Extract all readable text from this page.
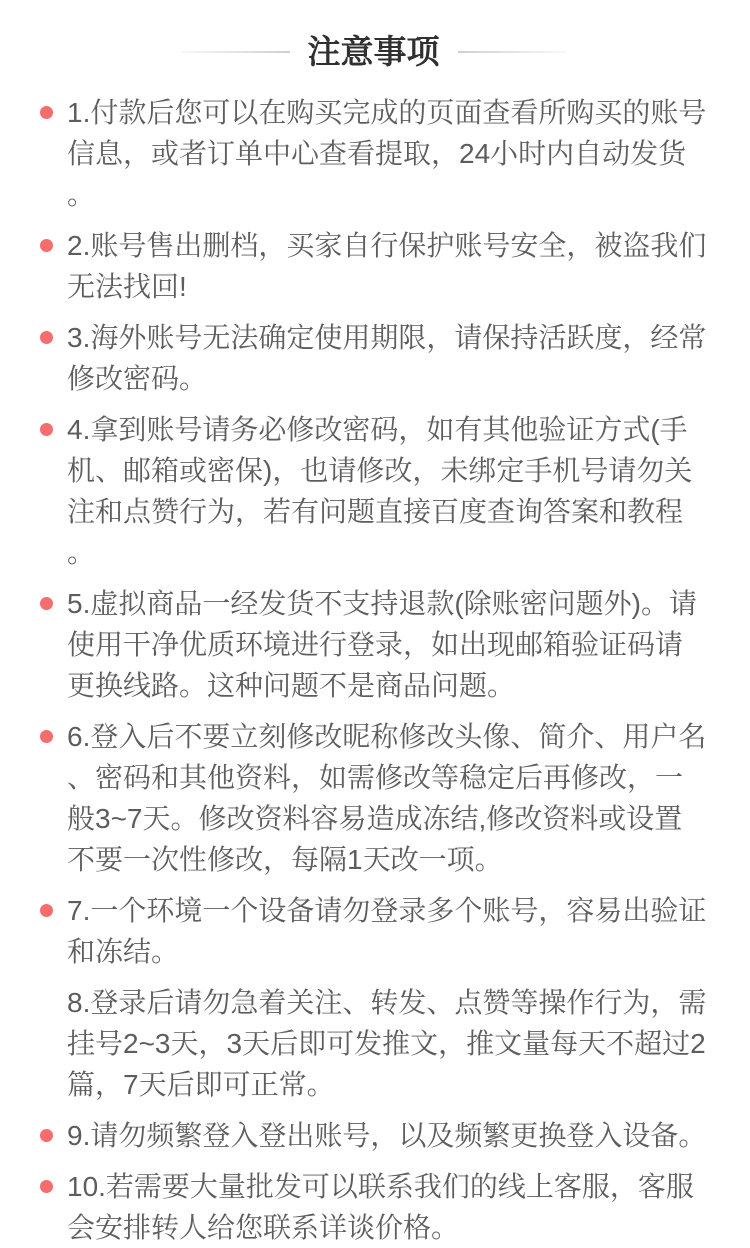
注意事项

1.付款后您可以在购买完成的页面查看所购买的账号信息，或者订单中心查看提取，24小时内自动发货。

2.账号售出删档，买家自行保护账号安全，被盗我们无法找回!

3.海外账号无法确定使用期限，请保持活跃度，经常修改密码。

4.拿到账号请务必修改密码，如有其他验证方式(手机、邮箱或密保)，也请修改，未绑定手机号请勿关注和点赞行为，若有问题直接百度查询答案和教程。

5.虚拟商品一经发货不支持退款(除账密问题外)。请使用干净优质环境进行登录，如出现邮箱验证码请更换线路。这种问题不是商品问题。

6.登入后不要立刻修改昵称修改头像、简介、用户名、密码和其他资料，如需修改等稳定后再修改，一般3~7天。修改资料容易造成冻结,修改资料或设置不要一次性修改，每隔1天改一项。

7.一个环境一个设备请勿登录多个账号，容易出验证和冻结。

8.登录后请勿急着关注、转发、点赞等操作行为，需挂号2~3天，3天后即可发推文，推文量每天不超过2篇，7天后即可正常。

9.请勿频繁登入登出账号，以及频繁更换登入设备。

10.若需要大量批发可以联系我们的线上客服，客服会安排转人给您联系详谈价格。
